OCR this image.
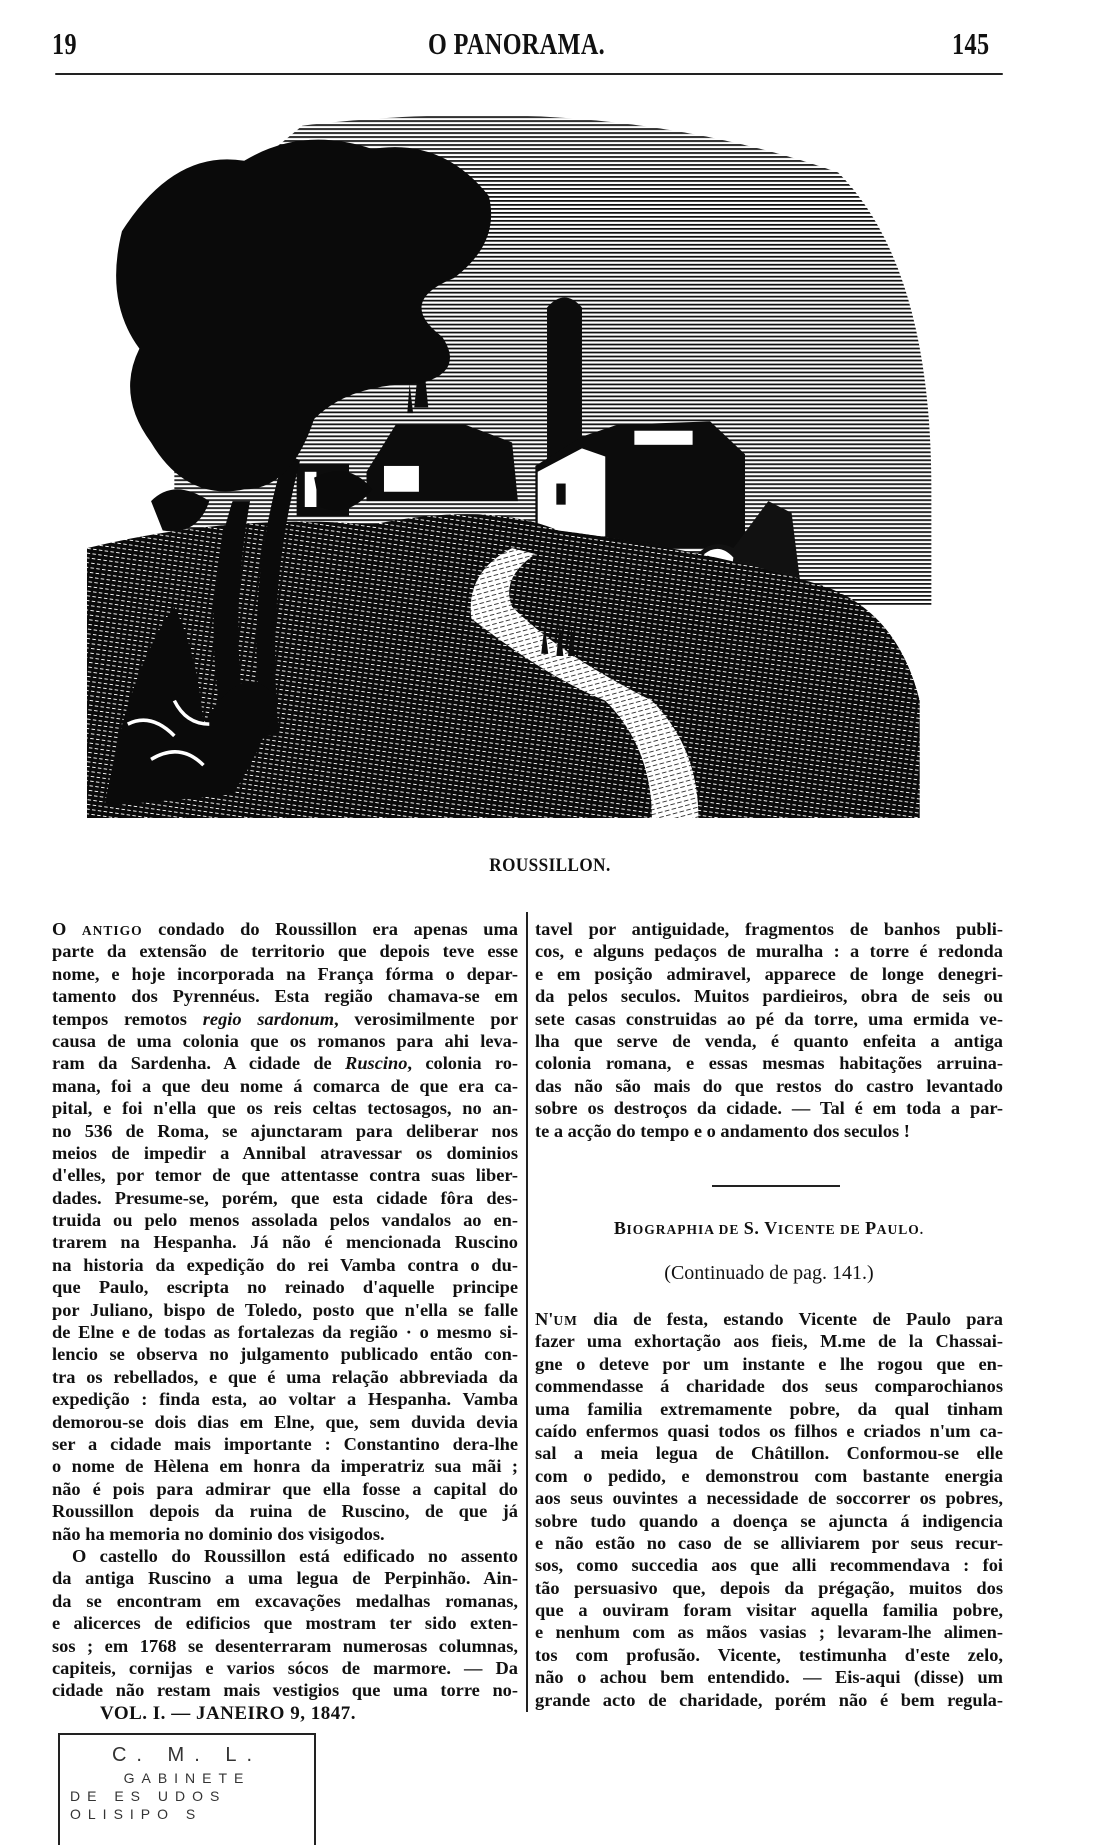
19	O PANORAMA.	145
ROUSSILLON.
O ANTIGO condado do Roussillon era apenas uma
parte da extensão de territorio que depois teve esse
nome, e hoje incorporada na França fórma o depar-
tamento dos Pyrennéus. Esta região chamava-se em
tempos remotos regio sardonum, verosimilmente por
causa de uma colonia que os romanos para ahi leva-
ram da Sardenha. A cidade de Ruscino, colonia ro-
mana, foi a que deu nome á comarca de que era ca-
pital, e foi n'ella que os reis celtas tectosagos, no an-
no 536 de Roma, se ajunctaram para deliberar nos
meios de impedir a Annibal atravessar os dominios
d'elles, por temor de que attentasse contra suas liber-
dades. Presume-se, porém, que esta cidade fôra des-
truida ou pelo menos assolada pelos vandalos ao en-
trarem na Hespanha. Já não é mencionada Ruscino
na historia da expedição do rei Vamba contra o du-
que Paulo, escripta no reinado d'aquelle principe
por Juliano, bispo de Toledo, posto que n'ella se falle
de Elne e de todas as fortalezas da região · o mesmo si-
lencio se observa no julgamento publicado então con-
tra os rebellados, e que é uma relação abbreviada da
expedição : finda esta, ao voltar a Hespanha. Vamba
demorou-se dois dias em Elne, que, sem duvida devia
ser a cidade mais importante : Constantino dera-lhe
o nome de Hèlena em honra da imperatriz sua mãi ;
não é pois para admirar que ella fosse a capital do
Roussillon depois da ruina de Ruscino, de que já
não ha memoria no dominio dos visigodos.
O castello do Roussillon está edificado no assento
da antiga Ruscino a uma legua de Perpinhão. Ain-
da se encontram em excavações medalhas romanas,
e alicerces de edificios que mostram ter sido exten-
sos ; em 1768 se desenterraram numerosas columnas,
capiteis, cornijas e varios sócos de marmore. — Da
cidade não restam mais vestigios que uma torre no-
tavel por antiguidade, fragmentos de banhos publi-
cos, e alguns pedaços de muralha : a torre é redonda
e em posição admiravel, apparece de longe denegri-
da pelos seculos. Muitos pardieiros, obra de seis ou
sete casas construidas ao pé da torre, uma ermida ve-
lha que serve de venda, é quanto enfeita a antiga
colonia romana, e essas mesmas habitações arruina-
das não são mais do que restos do castro levantado
sobre os destroços da cidade. — Tal é em toda a par-
te a acção do tempo e o andamento dos seculos !
BIOGRAPHIA DE S. VICENTE DE PAULO.
(Continuado de pag. 141.)
N'UM dia de festa, estando Vicente de Paulo para
fazer uma exhortação aos fieis, M.me de la Chassai-
gne o deteve por um instante e lhe rogou que en-
commendasse á charidade dos seus comparochianos
uma familia extremamente pobre, da qual tinham
caído enfermos quasi todos os filhos e criados n'um ca-
sal a meia legua de Châtillon. Conformou-se elle
com o pedido, e demonstrou com bastante energia
aos seus ouvintes a necessidade de soccorrer os pobres,
sobre tudo quando a doença se ajuncta á indigencia
e não estão no caso de se alliviarem por seus recur-
sos, como succedia aos que alli recommendava : foi
tão persuasivo que, depois da prégação, muitos dos
que a ouviram foram visitar aquella familia pobre,
e nenhum com as mãos vasias ; levaram-lhe alimen-
tos com profusão. Vicente, testimunha d'este zelo,
não o achou bem entendido. — Eis-aqui (disse) um
grande acto de charidade, porém não é bem regula-
VOL. I. — JANEIRO 9, 1847.
C. M. L.
GABINETE
DE ES UDOS
OLISIPO S
